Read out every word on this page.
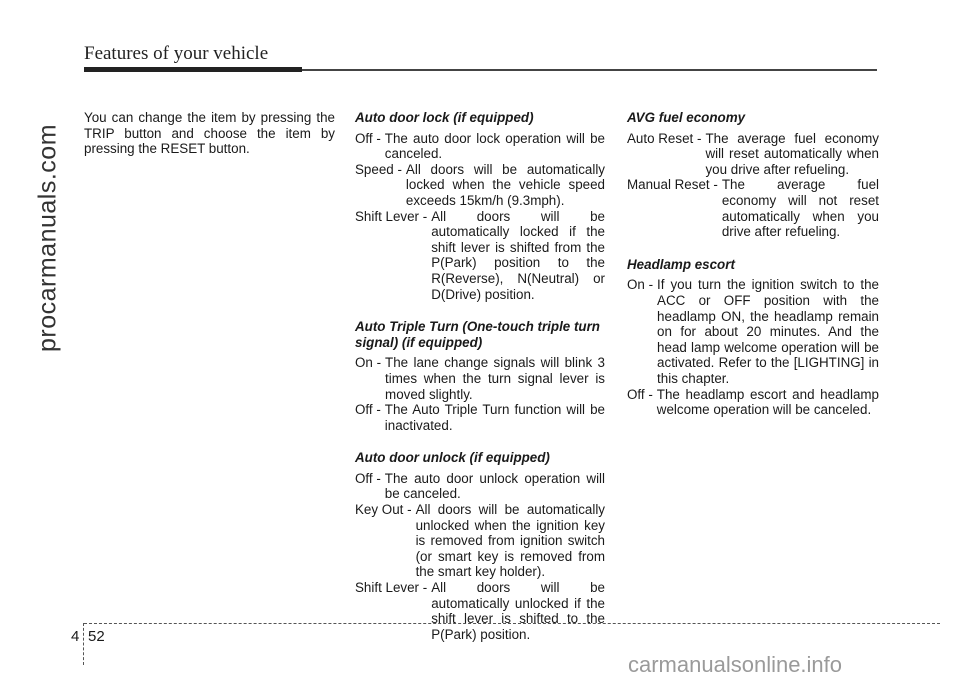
Features of your vehicle
procarmanuals.com

You can change the item by pressing the TRIP button and choose the item by pressing the RESET button.

Auto door lock (if equipped)
Off - The auto door lock operation will be canceled.
Speed - All doors will be automatically locked when the vehicle speed exceeds 15km/h (9.3mph).
Shift Lever - All doors will be automatically locked if the shift lever is shifted from the P(Park) position to the R(Reverse), N(Neutral) or D(Drive) position.
Auto Triple Turn (One-touch triple turn signal) (if equipped)
On - The lane change signals will blink 3 times when the turn signal lever is moved slightly.
Off - The Auto Triple Turn function will be inactivated.
Auto door unlock (if equipped)
Off - The auto door unlock operation will be canceled.
Key Out - All doors will be automatically unlocked when the ignition key is removed from ignition switch (or smart key is removed from the smart key holder).
Shift Lever - All doors will be automatically unlocked if the shift lever is shifted to the P(Park) position.
AVG fuel economy
Auto Reset - The average fuel economy will reset automatically when you drive after refueling.
Manual Reset - The average fuel economy will not reset automatically when you drive after refueling.
Headlamp escort
On - If you turn the ignition switch to the ACC or OFF position with the headlamp ON, the headlamp remain on for about 20 minutes. And the head lamp welcome operation will be activated. Refer to the [LIGHTING] in this chapter.
Off - The headlamp escort and headlamp welcome operation will be canceled.
4 52
carmanualsonline.info
